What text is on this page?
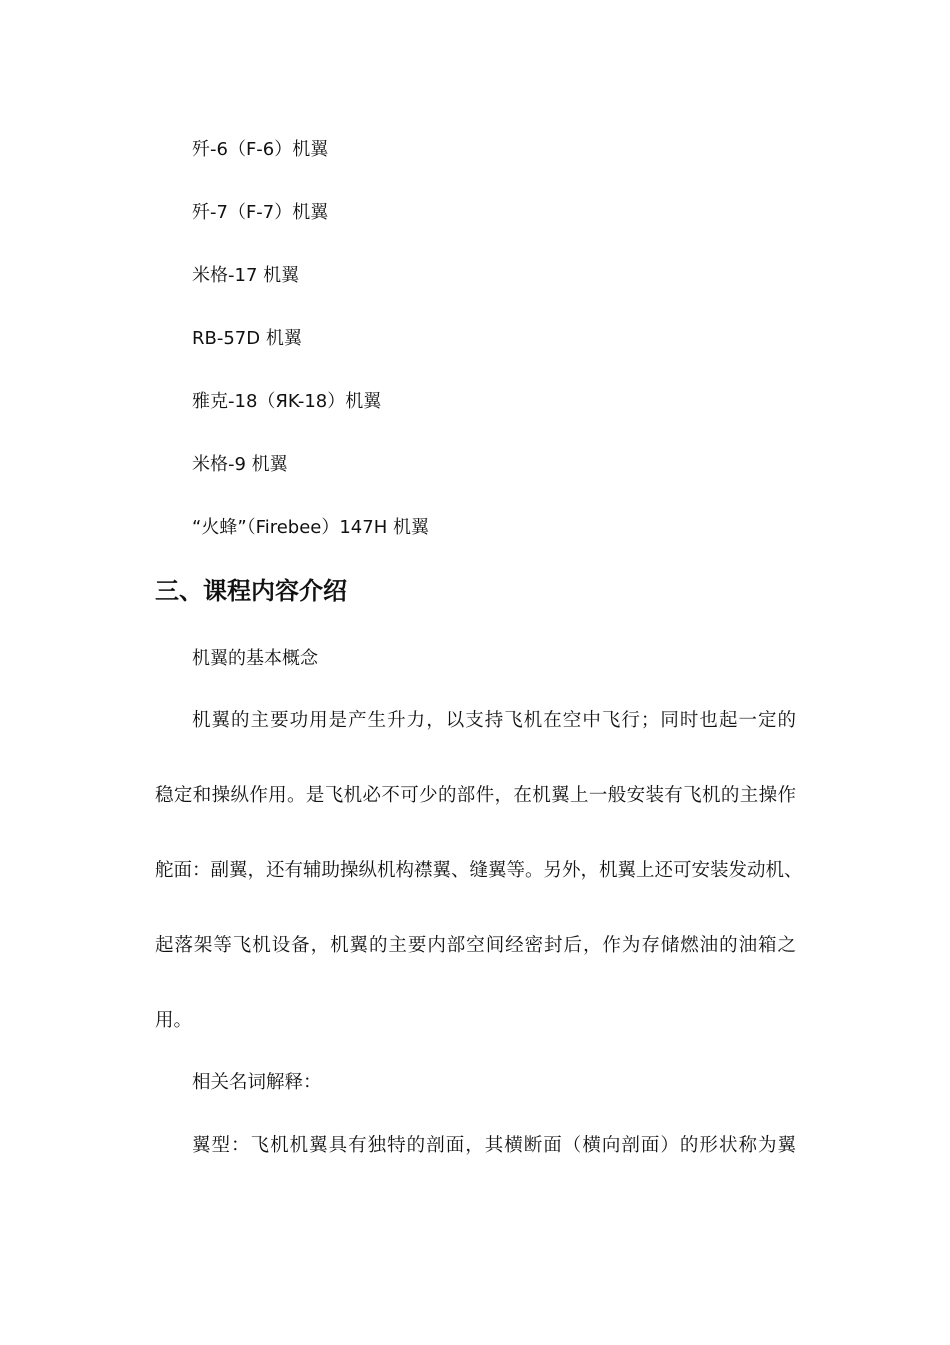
歼-6（F-6）机翼
歼-7（F-7）机翼
米格-17 机翼
RB-57D 机翼
雅克-18（ЯK-18）机翼
米格-9 机翼
“火蜂”（Firebee）147H 机翼
三、课程内容介绍
机翼的基本概念
机翼的主要功用是产生升力，以支持飞机在空中飞行；同时也起一定的
稳定和操纵作用。是飞机必不可少的部件，在机翼上一般安装有飞机的主操作
舵面：副翼，还有辅助操纵机构襟翼、缝翼等。另外，机翼上还可安装发动机、
起落架等飞机设备，机翼的主要内部空间经密封后，作为存储燃油的油箱之
用。
相关名词解释：
翼型：飞机机翼具有独特的剖面，其横断面（横向剖面）的形状称为翼
